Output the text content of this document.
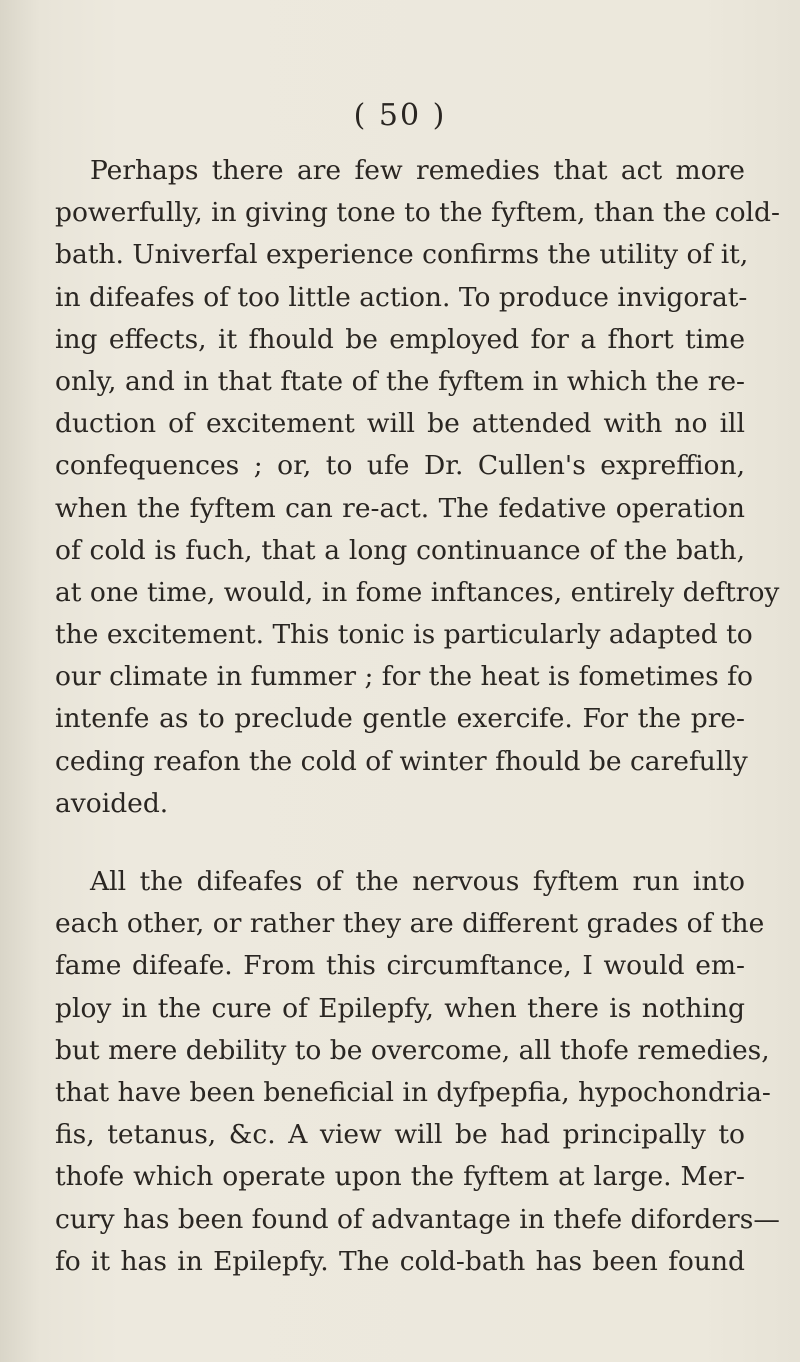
( 50 )
Perhaps there are few remedies that act more
powerfully, in giving tone to the fyftem, than the cold-
bath. Univerfal experience confirms the utility of it,
in difeafes of too little action. To produce invigorat-
ing effects, it fhould be employed for a fhort time
only, and in that ftate of the fyftem in which the re-
duction of excitement will be attended with no ill
confequences ; or, to ufe Dr. Cullen's expreffion,
when the fyftem can re-act. The fedative operation
of cold is fuch, that a long continuance of the bath,
at one time, would, in fome inftances, entirely deftroy
the excitement. This tonic is particularly adapted to
our climate in fummer ; for the heat is fometimes fo
intenfe as to preclude gentle exercife. For the pre-
ceding reafon the cold of winter fhould be carefully
avoided.
All the difeafes of the nervous fyftem run into
each other, or rather they are different grades of the
fame difeafe. From this circumftance, I would em-
ploy in the cure of Epilepfy, when there is nothing
but mere debility to be overcome, all thofe remedies,
that have been beneficial in dyfpepfia, hypochondria-
fis, tetanus, &c. A view will be had principally to
thofe which operate upon the fyftem at large. Mer-
cury has been found of advantage in thefe diforders—
fo it has in Epilepfy. The cold-bath has been found
